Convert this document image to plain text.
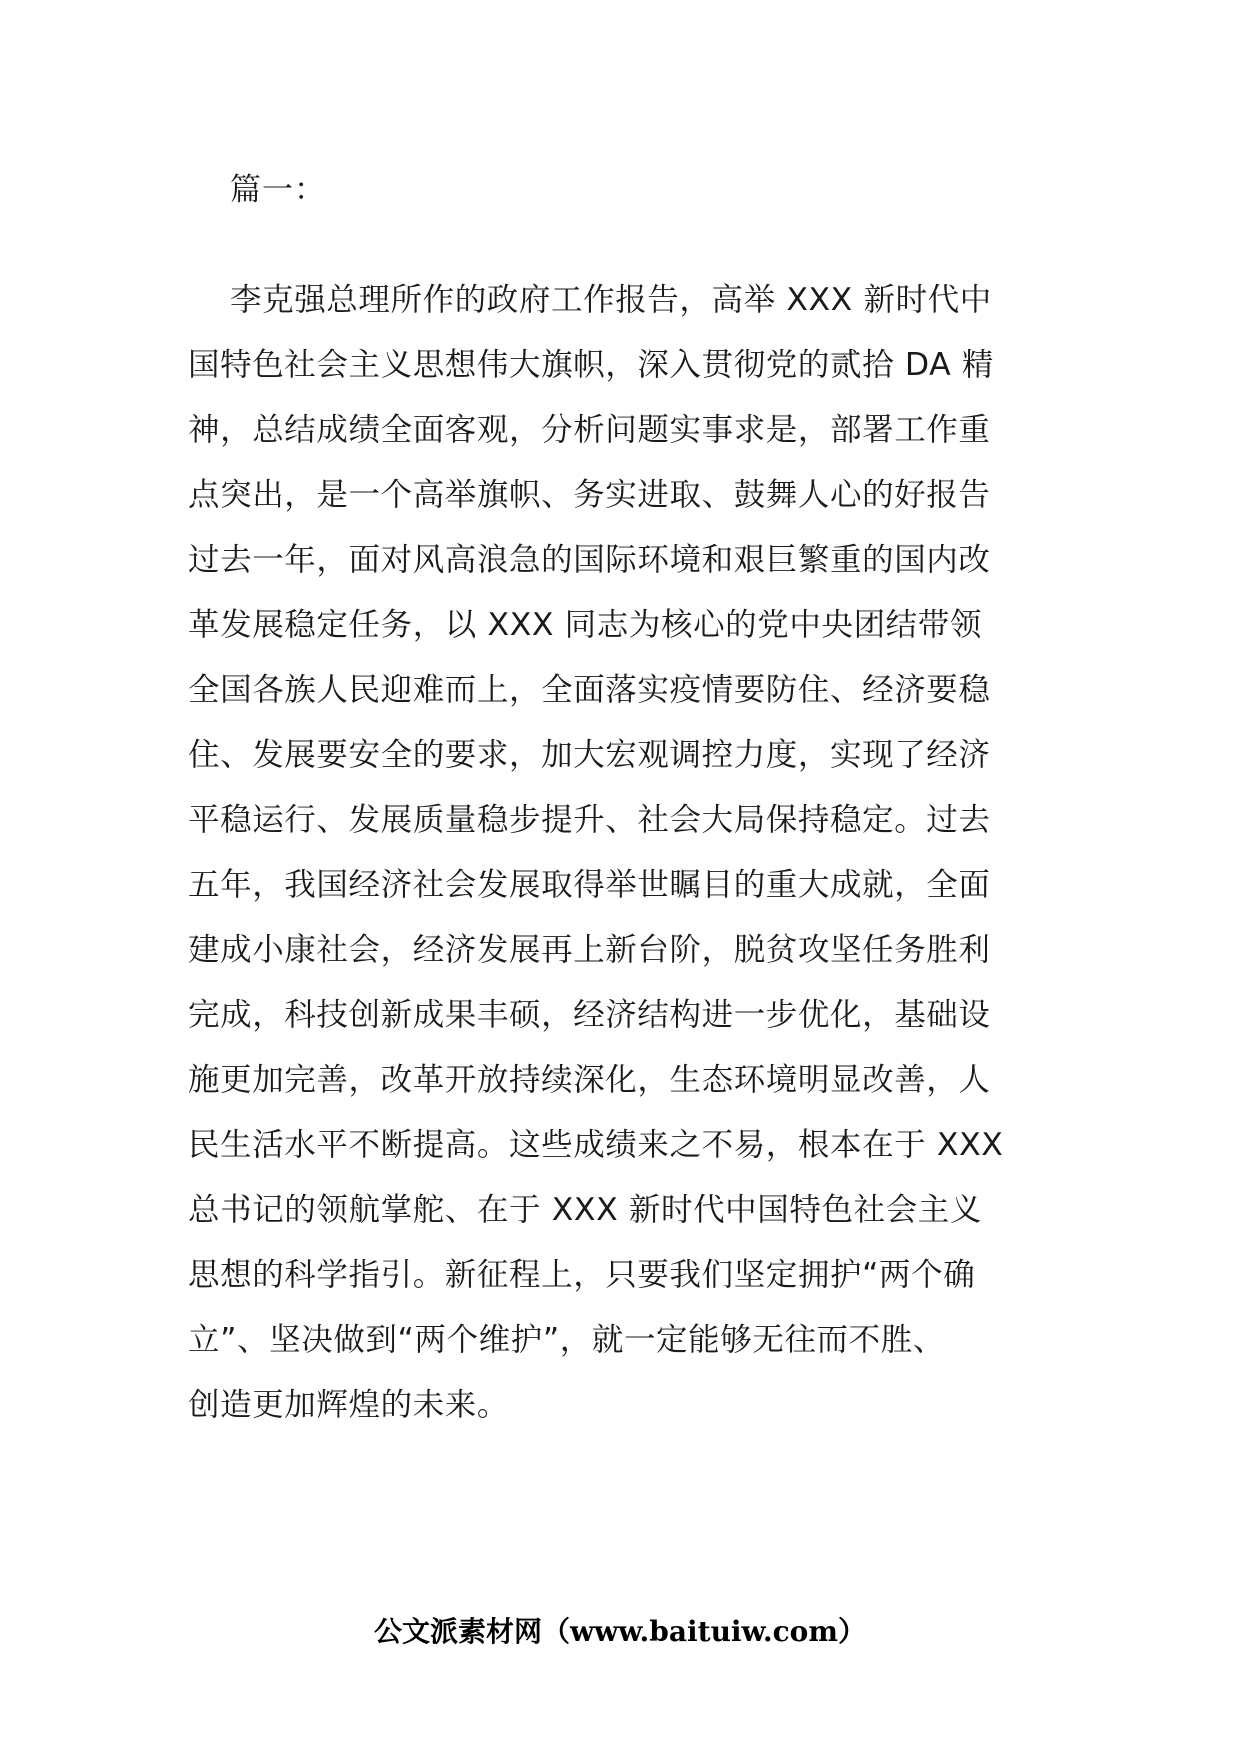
篇一：
李克强总理所作的政府工作报告，高举 XXX 新时代中
国特色社会主义思想伟大旗帜，深入贯彻党的贰拾 DA 精
神，总结成绩全面客观，分析问题实事求是，部署工作重
点突出，是一个高举旗帜、务实进取、鼓舞人心的好报告
过去一年，面对风高浪急的国际环境和艰巨繁重的国内改
革发展稳定任务，以 XXX 同志为核心的党中央团结带领
全国各族人民迎难而上，全面落实疫情要防住、经济要稳
住、发展要安全的要求，加大宏观调控力度，实现了经济
平稳运行、发展质量稳步提升、社会大局保持稳定。过去
五年，我国经济社会发展取得举世瞩目的重大成就，全面
建成小康社会，经济发展再上新台阶，脱贫攻坚任务胜利
完成，科技创新成果丰硕，经济结构进一步优化，基础设
施更加完善，改革开放持续深化，生态环境明显改善，人
民生活水平不断提高。这些成绩来之不易，根本在于 XXX
总书记的领航掌舵、在于 XXX 新时代中国特色社会主义
思想的科学指引。新征程上，只要我们坚定拥护“两个确
立”、坚决做到“两个维护”，就一定能够无往而不胜、
创造更加辉煌的未来。
公文派素材网（www.baituiw.com）
